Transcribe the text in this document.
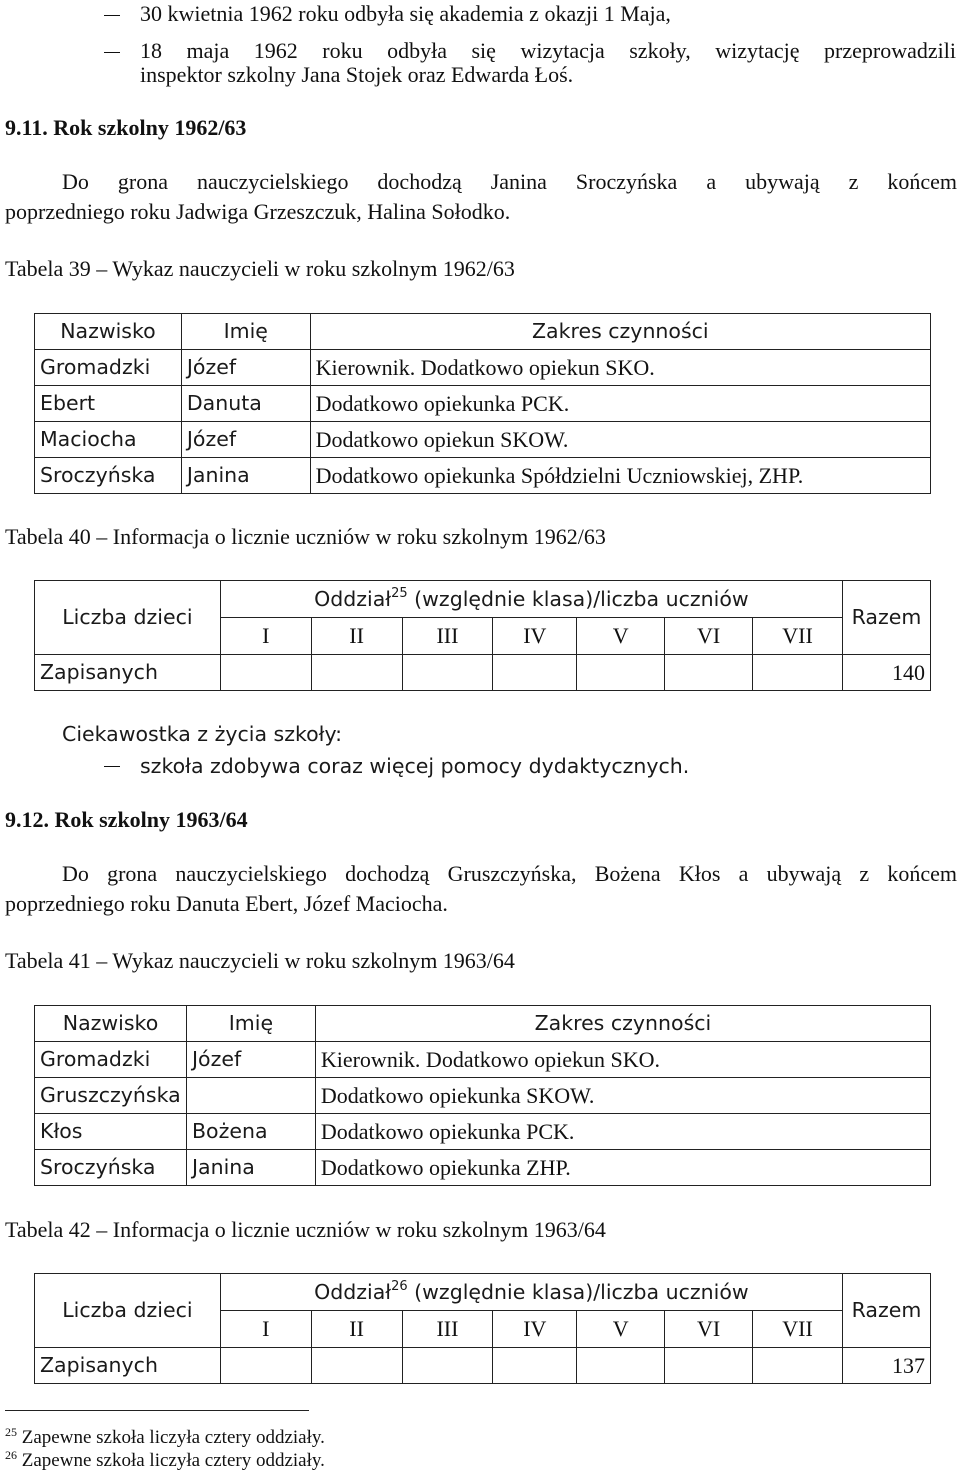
30 kwietnia 1962 roku odbyła się akademia z okazji 1 Maja,
18 maja 1962 roku odbyła się wizytacja szkoły, wizytację przeprowadzili
inspektor szkolny Jana Stojek oraz Edwarda Łoś.
9.11. Rok szkolny 1962/63
Do grona nauczycielskiego dochodzą Janina Sroczyńska a ubywają z końcem
poprzedniego roku Jadwiga Grzeszczuk, Halina Sołodko.
Tabela 39 – Wykaz nauczycieli w roku szkolnym 1962/63
Nazwisko	Imię	Zakres czynności
Gromadzki	Józef	Kierownik. Dodatkowo opiekun SKO.
Ebert	Danuta	Dodatkowo opiekunka PCK.
Maciocha	Józef	Dodatkowo opiekun SKOW.
Sroczyńska	Janina	Dodatkowo opiekunka Spółdzielni Uczniowskiej, ZHP.
Tabela 40 – Informacja o licznie uczniów w roku szkolnym 1962/63
Liczba dzieci	Oddział$^{25}$ (względnie klasa)/liczba uczniów							Razem
	I	II	III	IV	V	VI	VII	
Zapisanych								140
Ciekawostka z życia szkoły:
szkoła zdobywa coraz więcej pomocy dydaktycznych.
9.12. Rok szkolny 1963/64
Do grona nauczycielskiego dochodzą Gruszczyńska, Bożena Kłos a ubywają z końcem
poprzedniego roku Danuta Ebert, Józef Maciocha.
Tabela 41 – Wykaz nauczycieli w roku szkolnym 1963/64
Nazwisko	Imię	Zakres czynności
Gromadzki	Józef	Kierownik. Dodatkowo opiekun SKO.
Gruszczyńska		Dodatkowo opiekunka SKOW.
Kłos	Bożena	Dodatkowo opiekunka PCK.
Sroczyńska	Janina	Dodatkowo opiekunka ZHP.
Tabela 42 – Informacja o licznie uczniów w roku szkolnym 1963/64
Liczba dzieci	Oddział$^{26}$ (względnie klasa)/liczba uczniów							Razem
	I	II	III	IV	V	VI	VII	
Zapisanych								137
$^{25}$ Zapewne szkoła liczyła cztery oddziały.
$^{26}$ Zapewne szkoła liczyła cztery oddziały.
